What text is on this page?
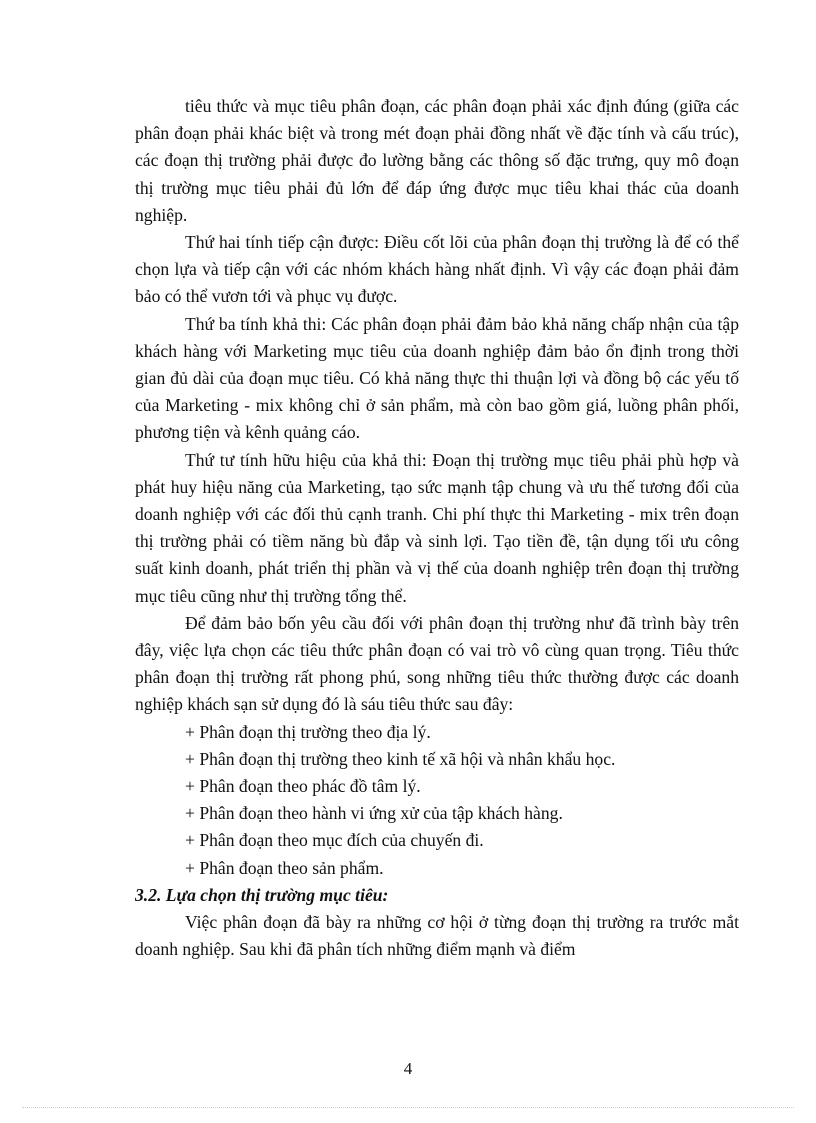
tiêu thức và mục tiêu phân đoạn, các phân đoạn phải xác định đúng (giữa các phân đoạn phải khác biệt và trong mét đoạn phải đồng nhất về đặc tính và cấu trúc), các đoạn thị trường phải được đo lường bằng các thông số đặc trưng, quy mô đoạn thị trường mục tiêu phải đủ lớn để đáp ứng được mục tiêu khai thác của doanh nghiệp.

Thứ hai tính tiếp cận được: Điều cốt lõi của phân đoạn thị trường là để có thể chọn lựa và tiếp cận với các nhóm khách hàng nhất định. Vì vậy các đoạn phải đảm bảo có thể vươn tới và phục vụ được.

Thứ ba tính khả thi: Các phân đoạn phải đảm bảo khả năng chấp nhận của tập khách hàng với Marketing mục tiêu của doanh nghiệp đảm bảo ổn định trong thời gian đủ dài của đoạn mục tiêu. Có khả năng thực thi thuận lợi và đồng bộ các yếu tố của Marketing - mix không chỉ ở sản phẩm, mà còn bao gồm giá, luồng phân phối, phương tiện và kênh quảng cáo.

Thứ tư tính hữu hiệu của khả thi: Đoạn thị trường mục tiêu phải phù hợp và phát huy hiệu năng của Marketing, tạo sức mạnh tập chung và ưu thế tương đối của doanh nghiệp với các đối thủ cạnh tranh. Chi phí thực thi Marketing - mix trên đoạn thị trường phải có tiềm năng bù đắp và sinh lợi. Tạo tiền đề, tận dụng tối ưu công suất kinh doanh, phát triển thị phần và vị thế của doanh nghiệp trên đoạn thị trường mục tiêu cũng như thị trường tổng thể.

Để đảm bảo bốn yêu cầu đối với phân đoạn thị trường như đã trình bày trên đây, việc lựa chọn các tiêu thức phân đoạn có vai trò vô cùng quan trọng. Tiêu thức phân đoạn thị trường rất phong phú, song những tiêu thức thường được các doanh nghiệp khách sạn sử dụng đó là sáu tiêu thức sau đây:

+ Phân đoạn thị trường theo địa lý.

+ Phân đoạn thị trường theo kinh tế xã hội và nhân khẩu học.

+ Phân đoạn theo phác đồ tâm lý.

+ Phân đoạn theo hành vi ứng xử của tập khách hàng.

+ Phân đoạn theo mục đích của chuyến đi.

+ Phân đoạn theo sản phẩm.

3.2. Lựa chọn thị trường mục tiêu:

Việc phân đoạn đã bày ra những cơ hội ở từng đoạn thị trường ra trước mắt doanh nghiệp. Sau khi đã phân tích những điểm mạnh và điểm

4
